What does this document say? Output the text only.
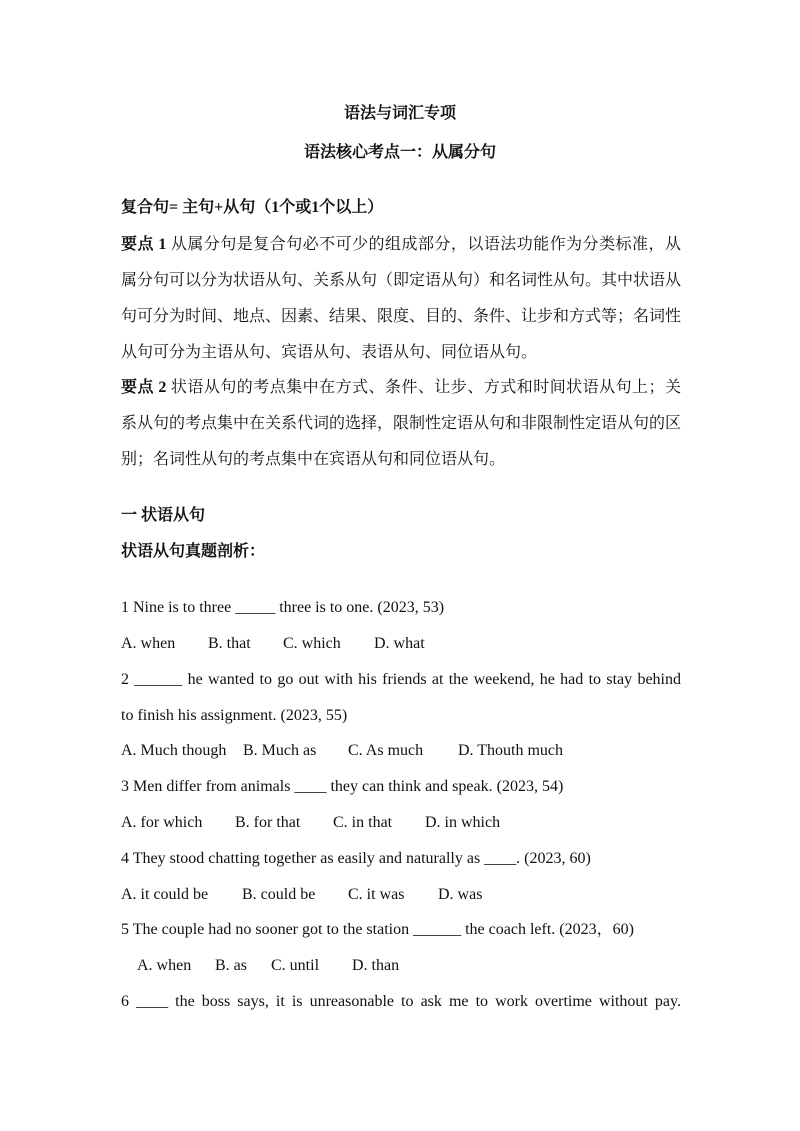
语法与词汇专项
语法核心考点一：从属分句
复合句= 主句+从句（1个或1个以上）
要点 1 从属分句是复合句必不可少的组成部分，以语法功能作为分类标准，从
属分句可以分为状语从句、关系从句（即定语从句）和名词性从句。其中状语从
句可分为时间、地点、因素、结果、限度、目的、条件、让步和方式等；名词性
从句可分为主语从句、宾语从句、表语从句、同位语从句。
要点 2 状语从句的考点集中在方式、条件、让步、方式和时间状语从句上；关
系从句的考点集中在关系代词的选择，限制性定语从句和非限制性定语从句的区
别；名词性从句的考点集中在宾语从句和同位语从句。
一 状语从句
状语从句真题剖析：
1 Nine is to three _____ three is to one. (2023, 53)
A. when B. that C. which D. what
2 ______ he wanted to go out with his friends at the weekend, he had to stay behind
to finish his assignment. (2023, 55)
A. Much though B. Much as C. As much D. Thouth much
3 Men differ from animals ____ they can think and speak. (2023, 54)
A. for which B. for that C. in that D. in which
4 They stood chatting together as easily and naturally as ____. (2023, 60)
A. it could be B. could be C. it was D. was
5 The couple had no sooner got to the station ______ the coach left. (2023，60)
A. when B. as C. until D. than
6 ____ the boss says, it is unreasonable to ask me to work overtime without pay.
